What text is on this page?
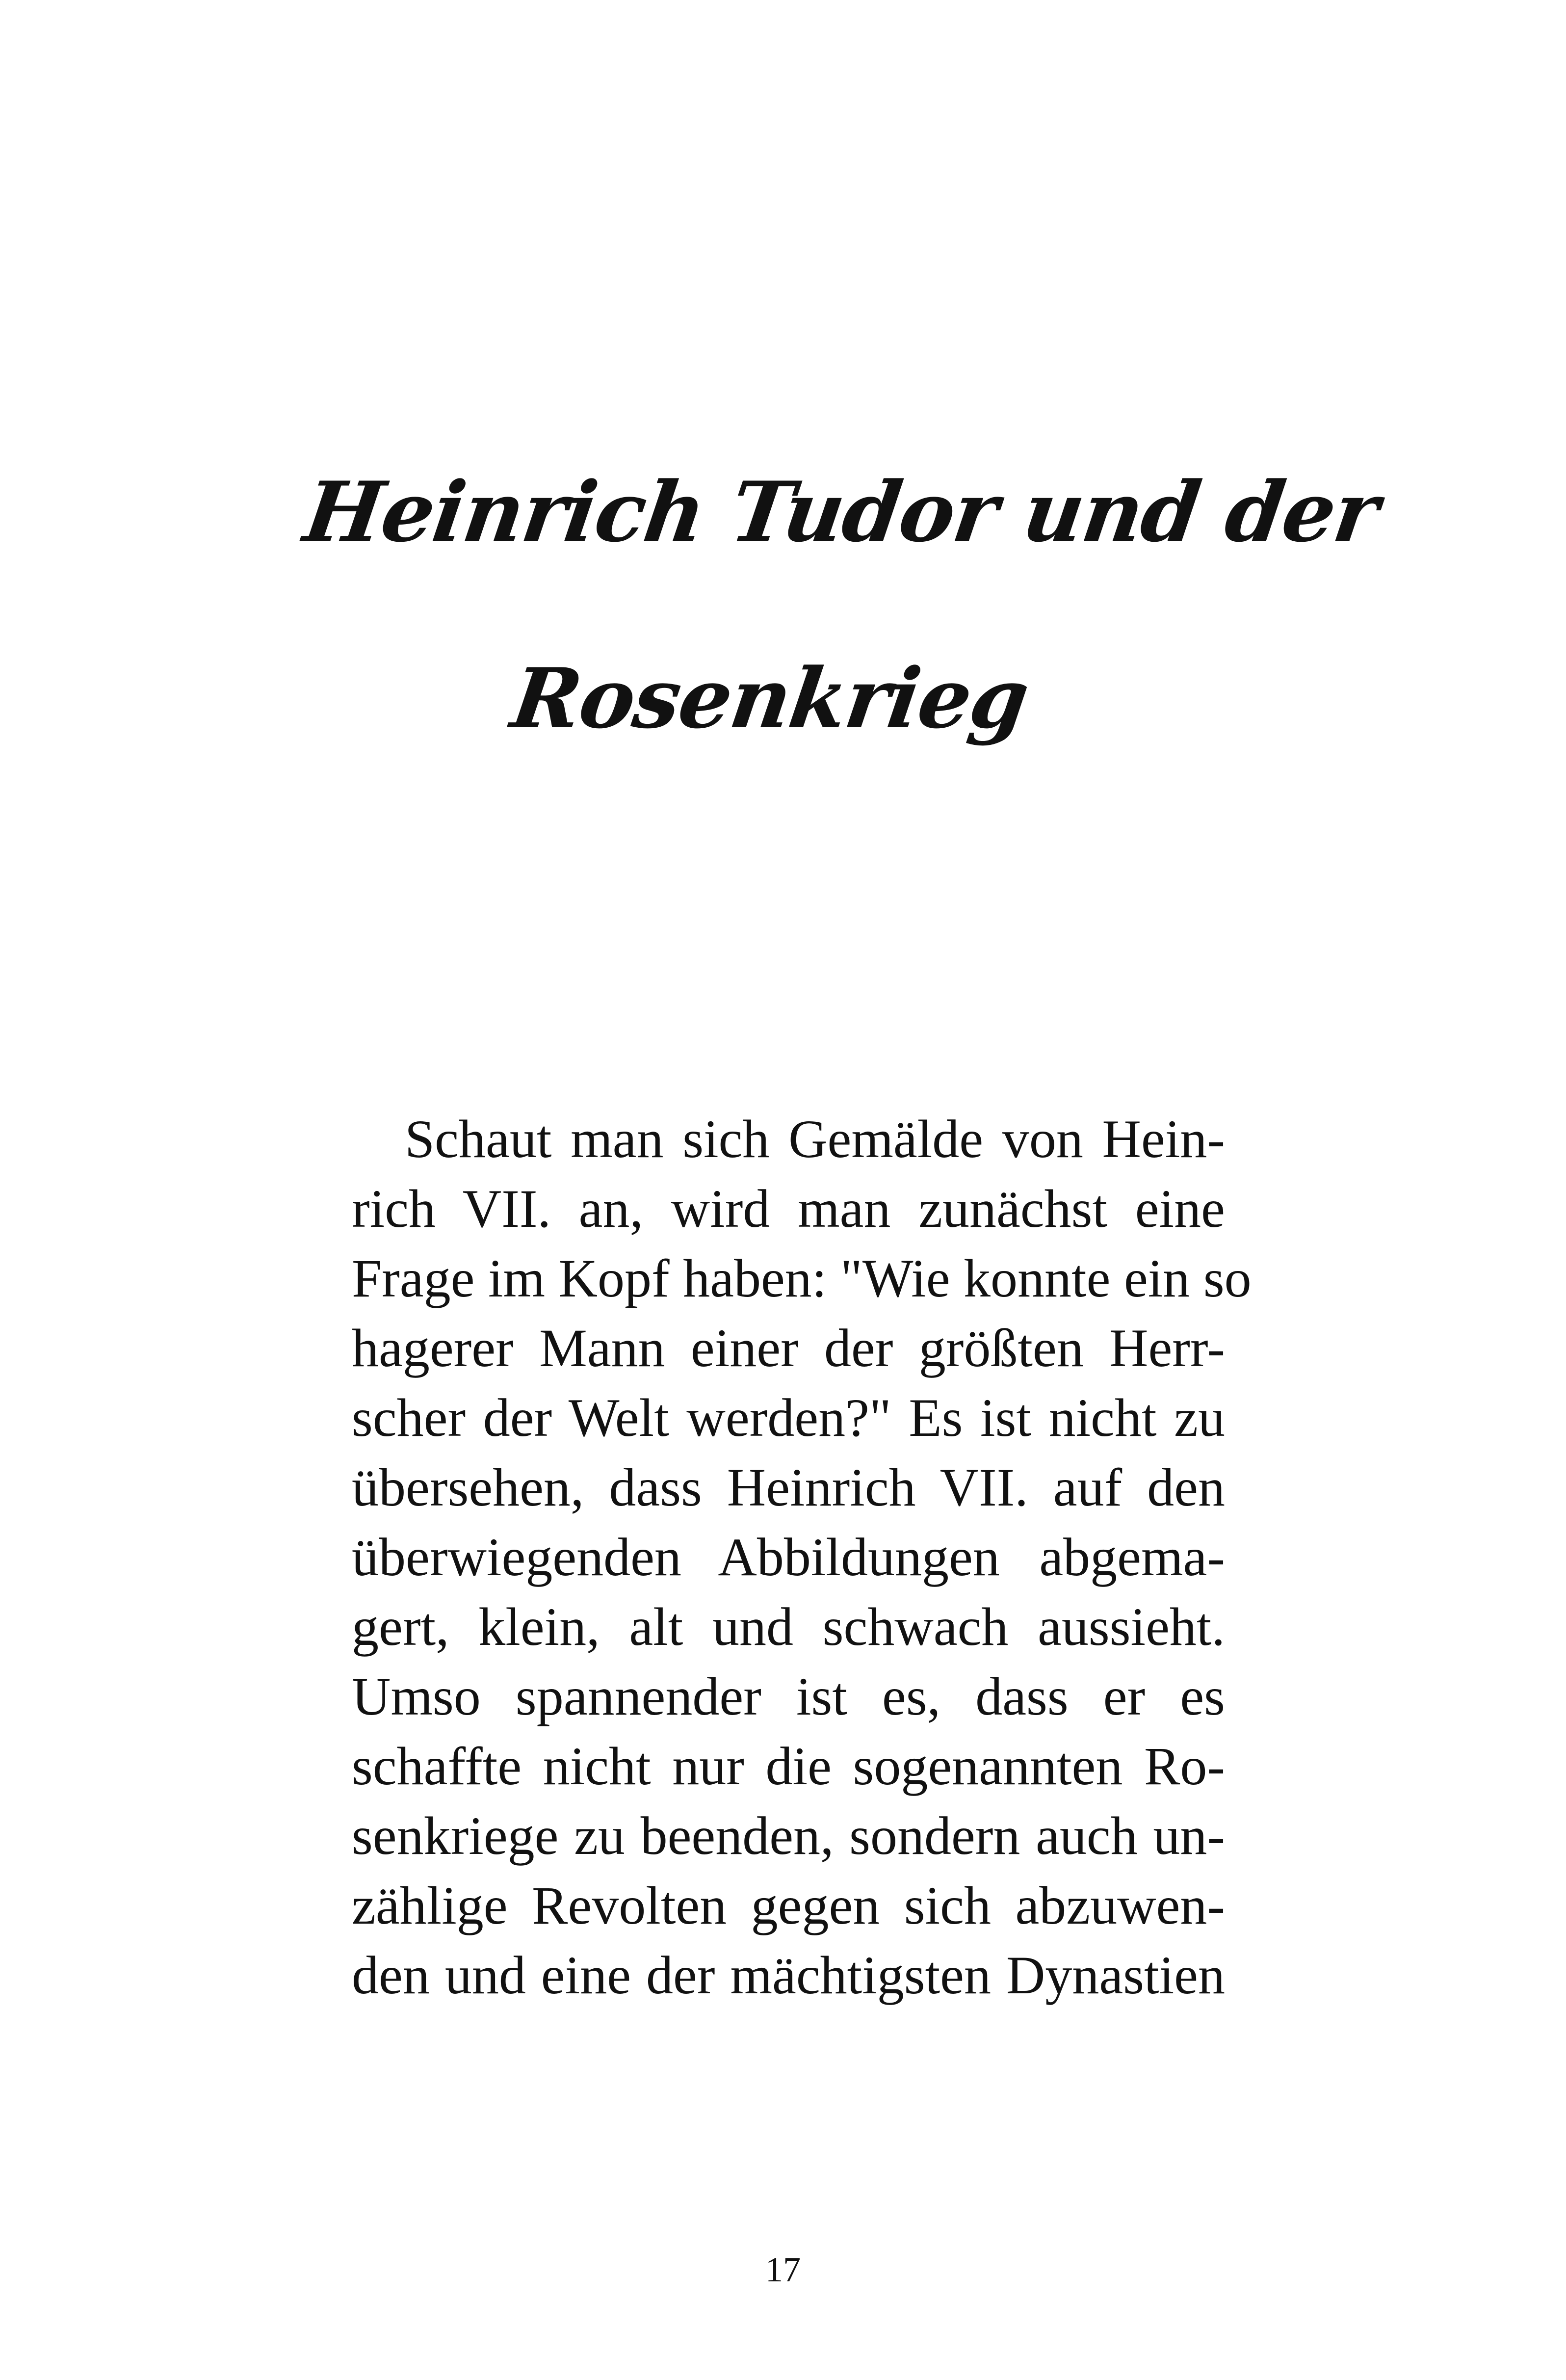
Heinrich Tudor und der
Rosenkrieg
Schaut man sich Gemälde von Hein-
rich VII. an, wird man zunächst eine
Frage im Kopf haben: "Wie konnte ein so
hagerer Mann einer der größten Herr-
scher der Welt werden?" Es ist nicht zu
übersehen, dass Heinrich VII. auf den
überwiegenden Abbildungen abgema-
gert, klein, alt und schwach aussieht.
Umso spannender ist es, dass er es
schaffte nicht nur die sogenannten Ro-
senkriege zu beenden, sondern auch un-
zählige Revolten gegen sich abzuwen-
den und eine der mächtigsten Dynastien
17
